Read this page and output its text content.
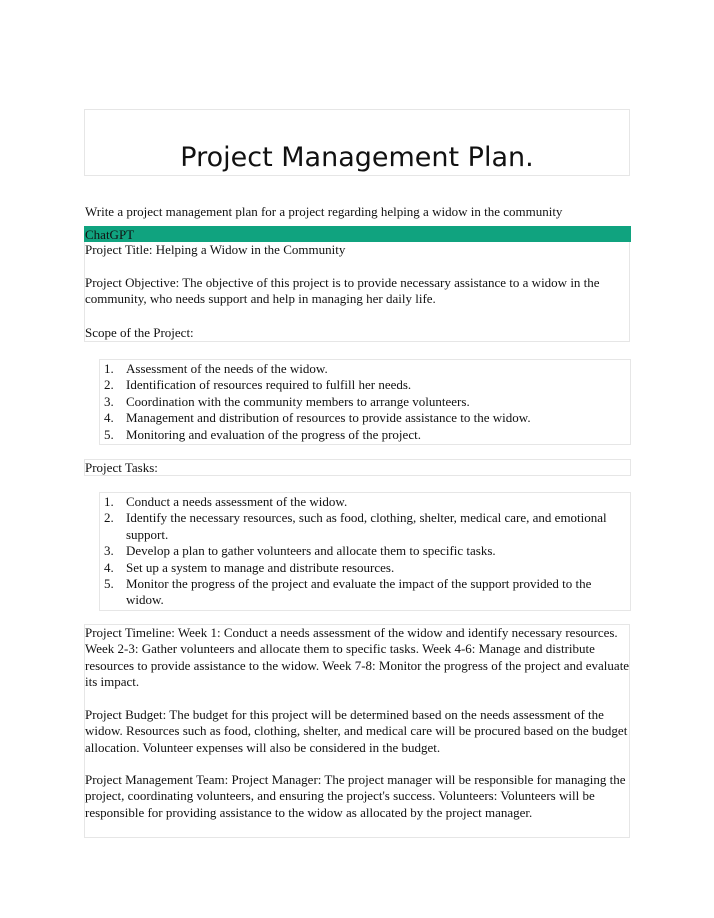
Project Management Plan.
Write a project management plan for a project regarding helping a widow in the community
ChatGPT

Project Title: Helping a Widow in the Community

Project Objective: The objective of this project is to provide necessary assistance to a widow in the community, who needs support and help in managing her daily life.

Scope of the Project:

1. Assessment of the needs of the widow.
2. Identification of resources required to fulfill her needs.
3. Coordination with the community members to arrange volunteers.
4. Management and distribution of resources to provide assistance to the widow.
5. Monitoring and evaluation of the progress of the project.
Project Tasks:
1. Conduct a needs assessment of the widow.
2. Identify the necessary resources, such as food, clothing, shelter, medical care, and emotional support.
3. Develop a plan to gather volunteers and allocate them to specific tasks.
4. Set up a system to manage and distribute resources.
5. Monitor the progress of the project and evaluate the impact of the support provided to the widow.

Project Timeline: Week 1: Conduct a needs assessment of the widow and identify necessary resources. Week 2-3: Gather volunteers and allocate them to specific tasks. Week 4-6: Manage and distribute resources to provide assistance to the widow. Week 7-8: Monitor the progress of the project and evaluate its impact.

Project Budget: The budget for this project will be determined based on the needs assessment of the widow. Resources such as food, clothing, shelter, and medical care will be procured based on the budget allocation. Volunteer expenses will also be considered in the budget.

Project Management Team: Project Manager: The project manager will be responsible for managing the project, coordinating volunteers, and ensuring the project's success. Volunteers: Volunteers will be responsible for providing assistance to the widow as allocated by the project manager.
